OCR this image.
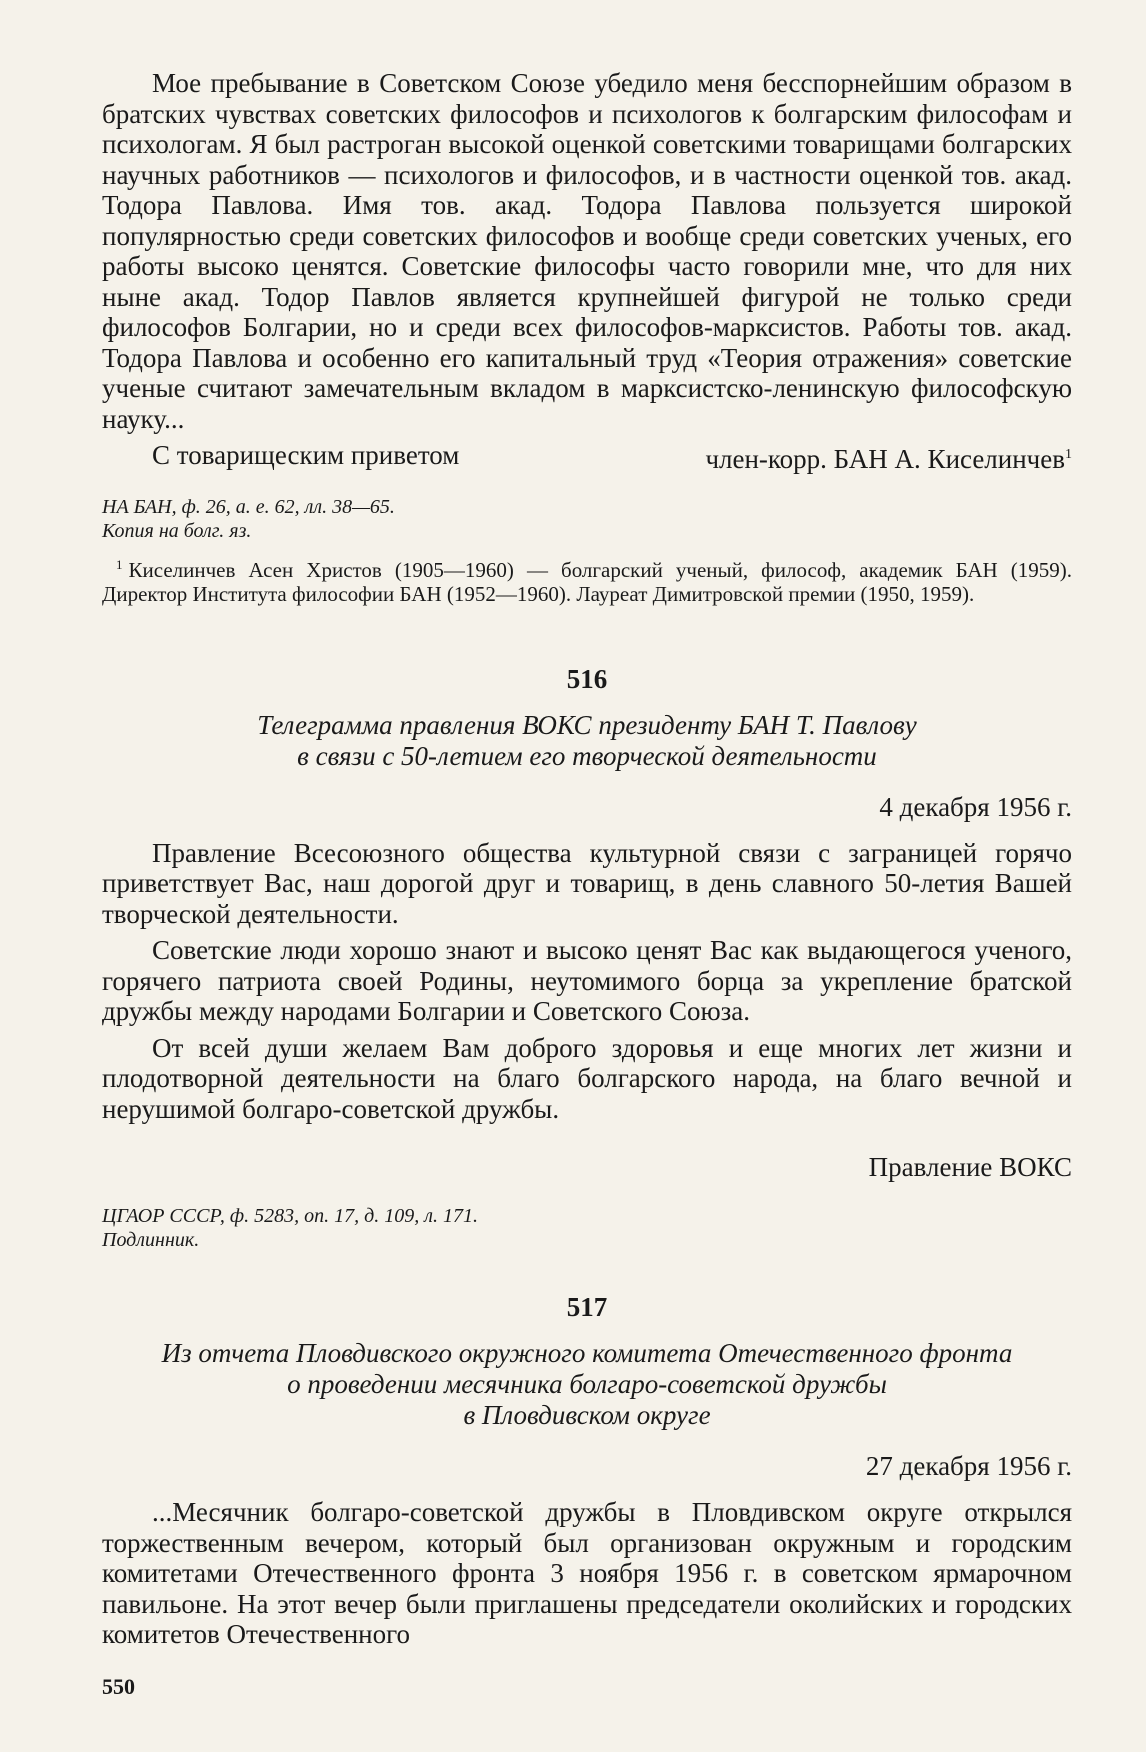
Мое пребывание в Советском Союзе убедило меня бесспорнейшим образом в братских чувствах советских философов и психологов к болгарским философам и психологам. Я был растроган высокой оценкой советскими товарищами болгарских научных работников — психологов и философов, и в частности оценкой тов. акад. Тодора Павлова. Имя тов. акад. Тодора Павлова пользуется широкой популярностью среди советских философов и вообще среди советских ученых, его работы высоко ценятся. Советские философы часто говорили мне, что для них ныне акад. Тодор Павлов является крупнейшей фигурой не только среди философов Болгарии, но и среди всех философов-марксистов. Работы тов. акад. Тодора Павлова и особенно его капитальный труд «Теория отражения» советские ученые считают замечательным вкладом в марксистско-ленинскую философскую науку...

С товарищеским приветом	член-корр. БАН А. Киселинчев$^1$

НА БАН, ф. 26, а. е. 62, лл. 38—65.

Копия на болг. яз.

$^1$ Киселинчев Асен Христов (1905—1960) — болгарский ученый, философ, академик БАН (1959). Директор Института философии БАН (1952—1960). Лауреат Димитровской премии (1950, 1959).
516
Телеграмма правления ВОКС президенту БАН Т. Павлову
в связи с 50-летием его творческой деятельности
4 декабря 1956 г.

Правление Всесоюзного общества культурной связи с заграницей горячо приветствует Вас, наш дорогой друг и товарищ, в день славного 50-летия Вашей творческой деятельности.

Советские люди хорошо знают и высоко ценят Вас как выдающегося ученого, горячего патриота своей Родины, неутомимого борца за укрепление братской дружбы между народами Болгарии и Советского Союза.

От всей души желаем Вам доброго здоровья и еще многих лет жизни и плодотворной деятельности на благо болгарского народа, на благо вечной и нерушимой болгаро-советской дружбы.

Правление ВОКС

ЦГАОР СССР, ф. 5283, оп. 17, д. 109, л. 171.

Подлинник.

517
Из отчета Пловдивского окружного комитета Отечественного фронта
о проведении месячника болгаро-советской дружбы
в Пловдивском округе
27 декабря 1956 г.

...Месячник болгаро-советской дружбы в Пловдивском округе открылся торжественным вечером, который был организован окружным и городским комитетами Отечественного фронта 3 ноября 1956 г. в советском ярмарочном павильоне. На этот вечер были приглашены председатели околийских и городских комитетов Отечественного

550
